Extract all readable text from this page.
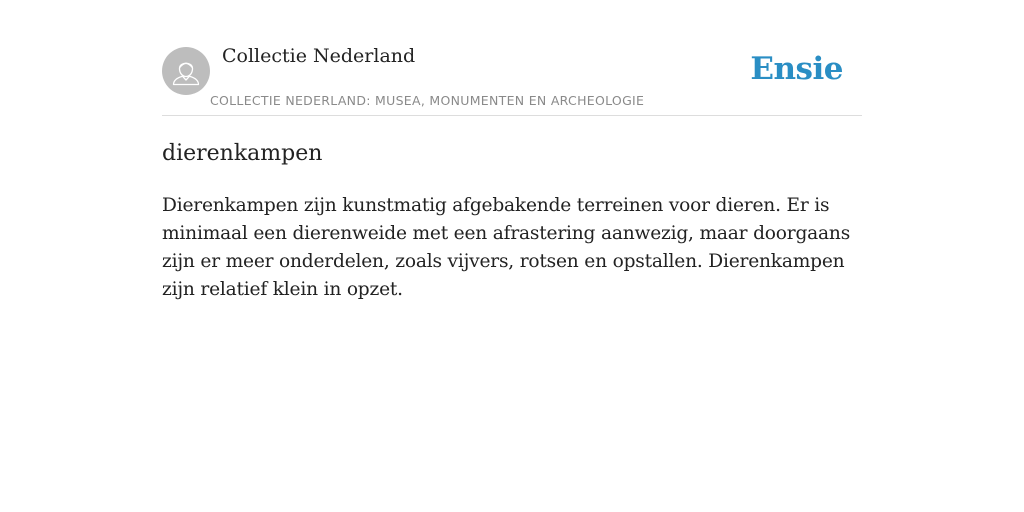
Collectie Nederland
COLLECTIE NEDERLAND: MUSEA, MONUMENTEN EN ARCHEOLOGIE
Ensie
dierenkampen

Dierenkampen zijn kunstmatig afgebakende terreinen voor dieren. Er is minimaal een dierenweide met een afrastering aanwezig, maar doorgaans zijn er meer onderdelen, zoals vijvers, rotsen en opstallen. Dierenkampen zijn relatief klein in opzet.
